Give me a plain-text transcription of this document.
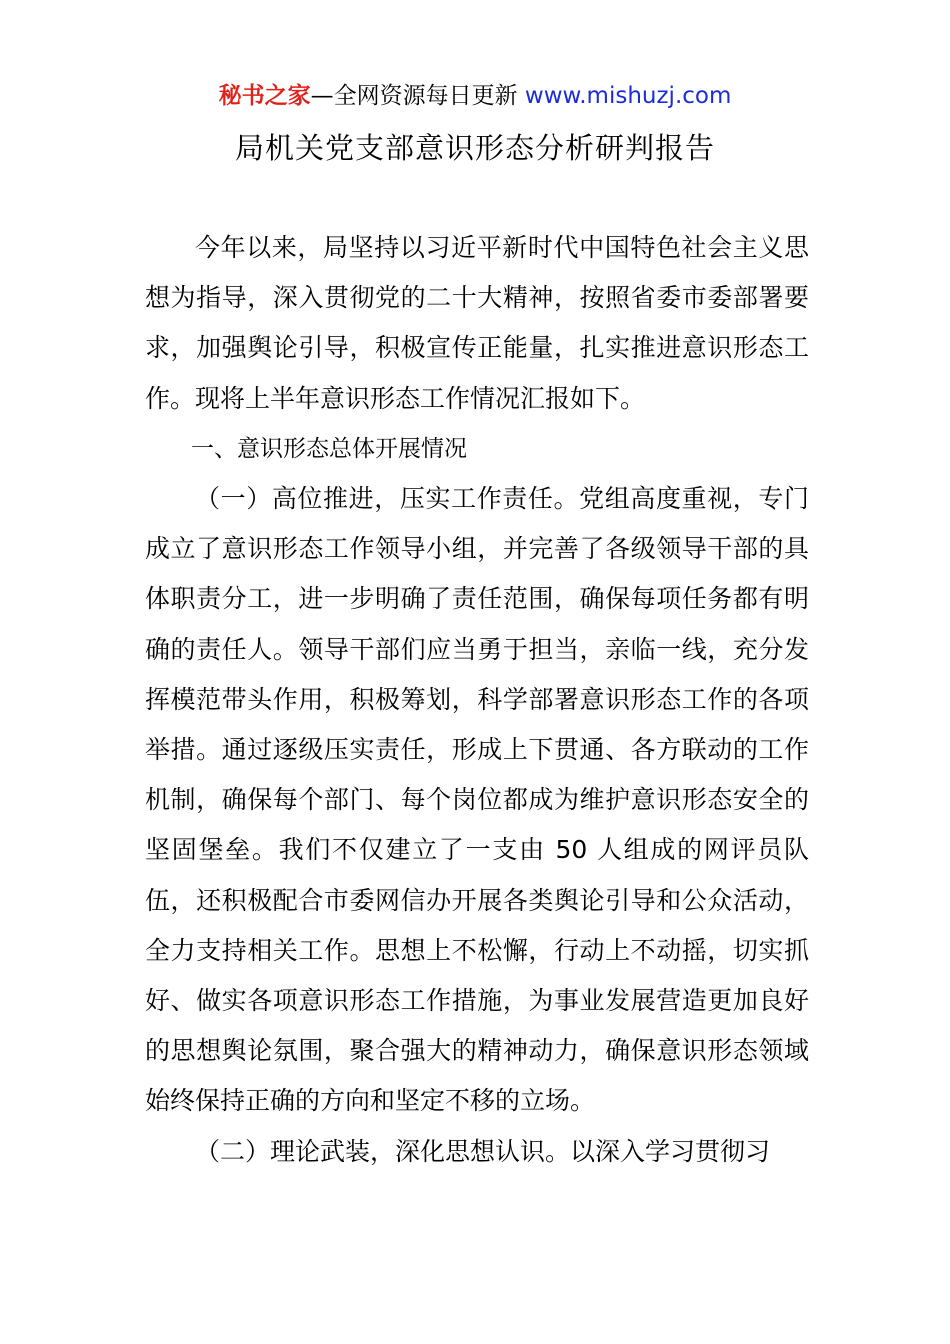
秘书之家—全网资源每日更新 www.mishuzj.com
局机关党支部意识形态分析研判报告

今年以来，局坚持以习近平新时代中国特色社会主义思想为指导，深入贯彻党的二十大精神，按照省委市委部署要求，加强舆论引导，积极宣传正能量，扎实推进意识形态工作。现将上半年意识形态工作情况汇报如下。

一、意识形态总体开展情况

（一）高位推进，压实工作责任。党组高度重视，专门成立了意识形态工作领导小组，并完善了各级领导干部的具体职责分工，进一步明确了责任范围，确保每项任务都有明确的责任人。领导干部们应当勇于担当，亲临一线，充分发挥模范带头作用，积极筹划，科学部署意识形态工作的各项举措。通过逐级压实责任，形成上下贯通、各方联动的工作机制，确保每个部门、每个岗位都成为维护意识形态安全的坚固堡垒。我们不仅建立了一支由 50 人组成的网评员队伍，还积极配合市委网信办开展各类舆论引导和公众活动，全力支持相关工作。思想上不松懈，行动上不动摇，切实抓好、做实各项意识形态工作措施，为事业发展营造更加良好的思想舆论氛围，聚合强大的精神动力，确保意识形态领域始终保持正确的方向和坚定不移的立场。

（二）理论武装，深化思想认识。以深入学习贯彻习
